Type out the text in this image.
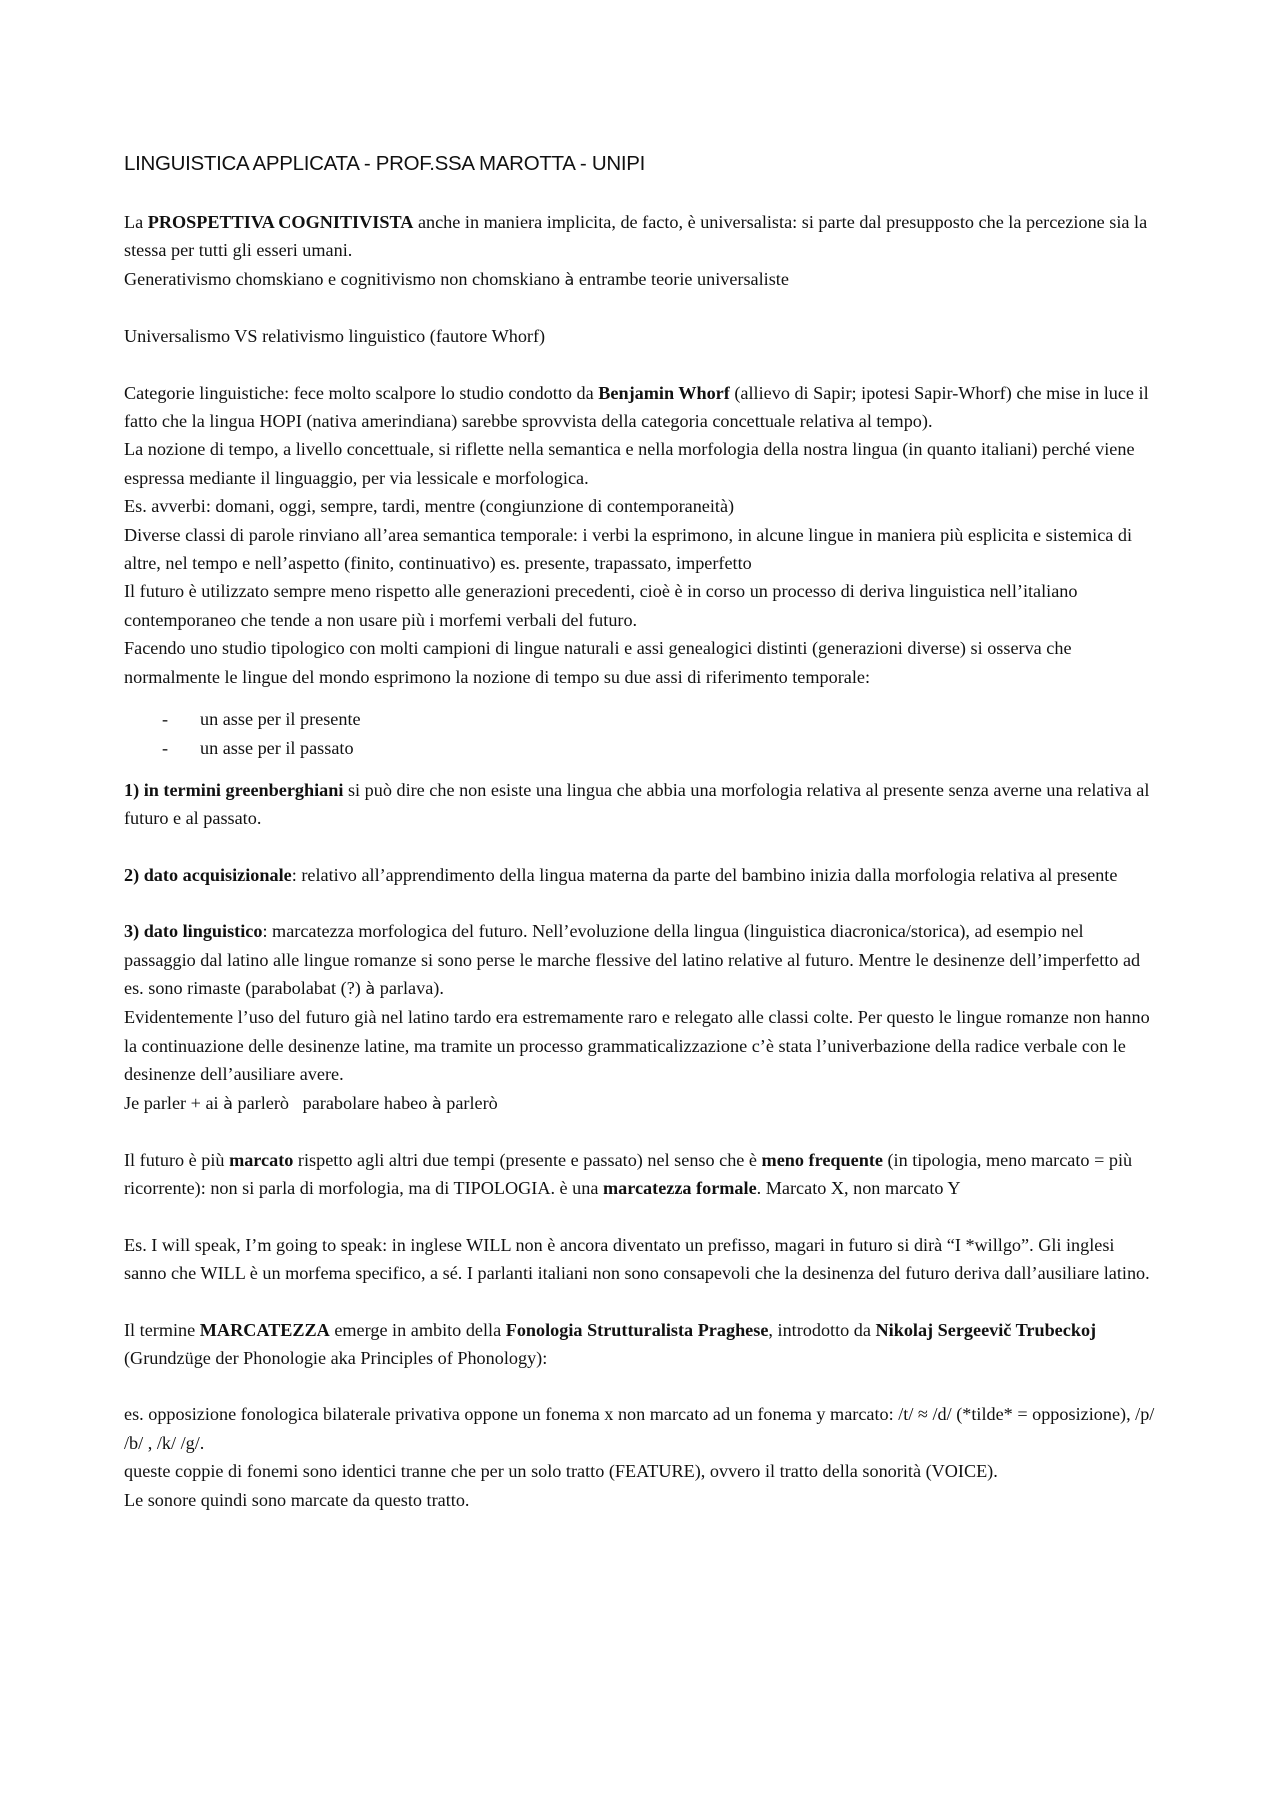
LINGUISTICA APPLICATA - PROF.SSA MAROTTA - UNIPI

La PROSPETTIVA COGNITIVISTA anche in maniera implicita, de facto, è universalista: si parte dal presupposto che la percezione sia la stessa per tutti gli esseri umani.

Generativismo chomskiano e cognitivismo non chomskiano à entrambe teorie universaliste

Universalismo VS relativismo linguistico (fautore Whorf)

Categorie linguistiche: fece molto scalpore lo studio condotto da Benjamin Whorf (allievo di Sapir; ipotesi Sapir-Whorf) che mise in luce il fatto che la lingua HOPI (nativa amerindiana) sarebbe sprovvista della categoria concettuale relativa al tempo).

La nozione di tempo, a livello concettuale, si riflette nella semantica e nella morfologia della nostra lingua (in quanto italiani) perché viene espressa mediante il linguaggio, per via lessicale e morfologica.

Es. avverbi: domani, oggi, sempre, tardi, mentre (congiunzione di contemporaneità)

Diverse classi di parole rinviano all’area semantica temporale: i verbi la esprimono, in alcune lingue in maniera più esplicita e sistemica di altre, nel tempo e nell’aspetto (finito, continuativo) es. presente, trapassato, imperfetto

Il futuro è utilizzato sempre meno rispetto alle generazioni precedenti, cioè è in corso un processo di deriva linguistica nell’italiano contemporaneo che tende a non usare più i morfemi verbali del futuro.

Facendo uno studio tipologico con molti campioni di lingue naturali e assi genealogici distinti (generazioni diverse) si osserva che normalmente le lingue del mondo esprimono la nozione di tempo su due assi di riferimento temporale:

- un asse per il presente
- un asse per il passato

1) in termini greenberghiani si può dire che non esiste una lingua che abbia una morfologia relativa al presente senza averne una relativa al futuro e al passato.

2) dato acquisizionale: relativo all’apprendimento della lingua materna da parte del bambino inizia dalla morfologia relativa al presente

3) dato linguistico: marcatezza morfologica del futuro. Nell’evoluzione della lingua (linguistica diacronica/storica), ad esempio nel passaggio dal latino alle lingue romanze si sono perse le marche flessive del latino relative al futuro. Mentre le desinenze dell’imperfetto ad es. sono rimaste (parabolabat (?) à parlava).

Evidentemente l’uso del futuro già nel latino tardo era estremamente raro e relegato alle classi colte. Per questo le lingue romanze non hanno la continuazione delle desinenze latine, ma tramite un processo grammaticalizzazione c’è stata l’univerbazione della radice verbale con le desinenze dell’ausiliare avere.

Je parler + ai à parlerò   parabolare habeo à parlerò

Il futuro è più marcato rispetto agli altri due tempi (presente e passato) nel senso che è meno frequente (in tipologia, meno marcato = più ricorrente): non si parla di morfologia, ma di TIPOLOGIA. è una marcatezza formale. Marcato X, non marcato Y

Es. I will speak, I’m going to speak: in inglese WILL non è ancora diventato un prefisso, magari in futuro si dirà “I *willgo”. Gli inglesi sanno che WILL è un morfema specifico, a sé. I parlanti italiani non sono consapevoli che la desinenza del futuro deriva dall’ausiliare latino.

Il termine MARCATEZZA emerge in ambito della Fonologia Strutturalista Praghese, introdotto da Nikolaj Sergeevič Trubeckoj (Grundzüge der Phonologie aka Principles of Phonology):

es. opposizione fonologica bilaterale privativa oppone un fonema x non marcato ad un fonema y marcato: /t/ ≈ /d/ (*tilde* = opposizione), /p/ /b/ , /k/ /g/.

queste coppie di fonemi sono identici tranne che per un solo tratto (FEATURE), ovvero il tratto della sonorità (VOICE).

Le sonore quindi sono marcate da questo tratto.
